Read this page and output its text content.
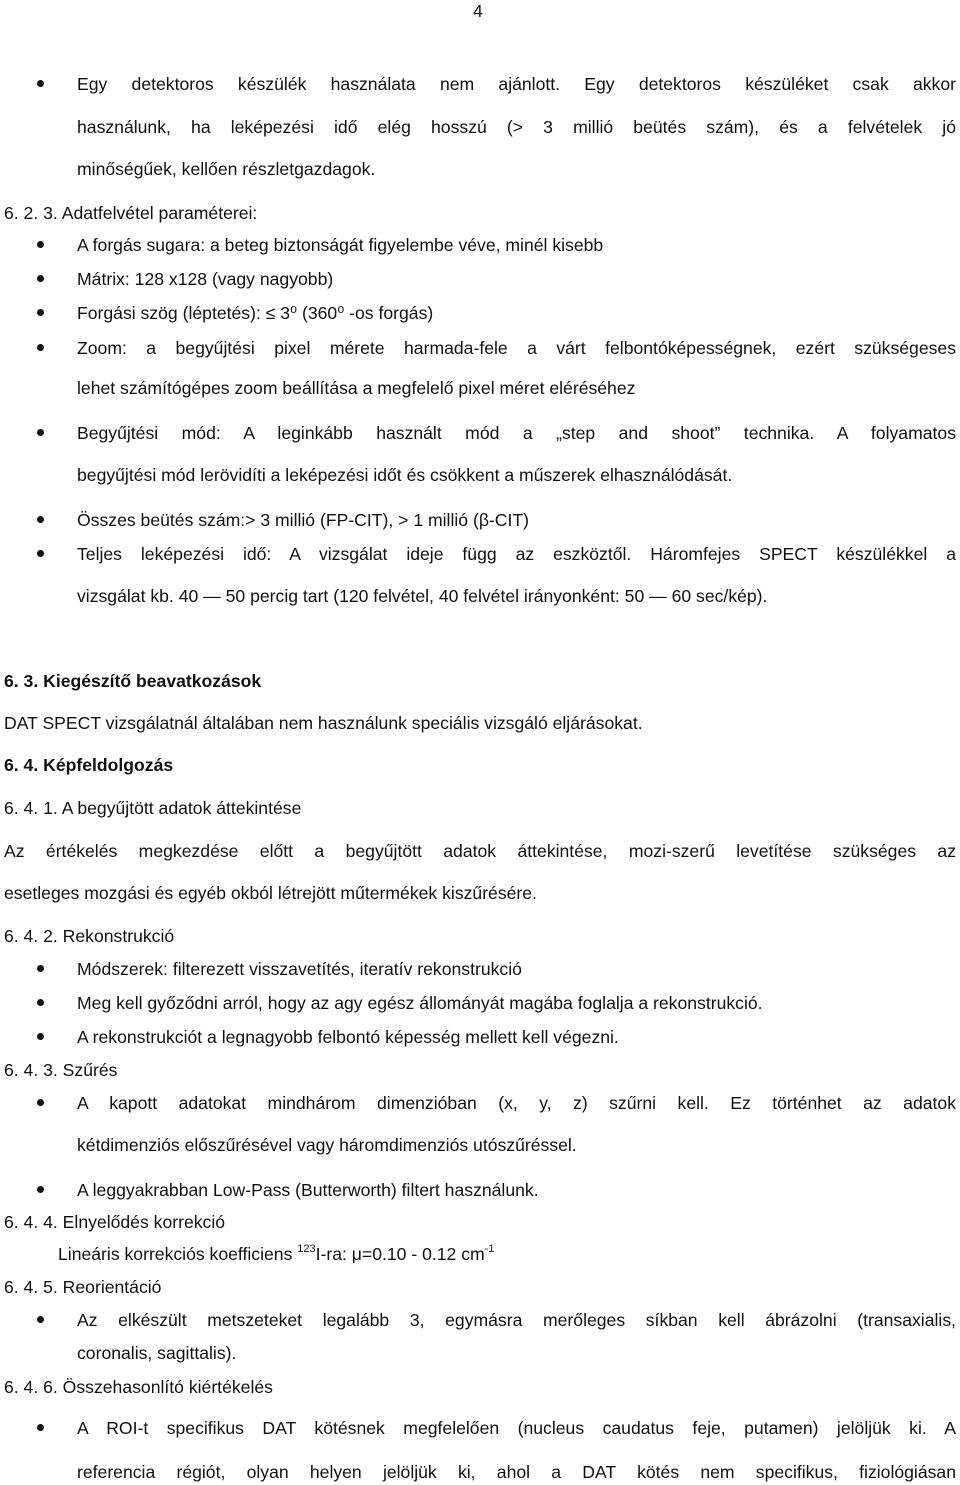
4
Egy detektoros készülék használata nem ajánlott. Egy detektoros készüléket csak akkor
használunk, ha leképezési idő elég hosszú (> 3 millió beütés szám), és a felvételek jó
minőségűek, kellően részletgazdagok.
6. 2. 3. Adatfelvétel paraméterei:
A forgás sugara: a beteg biztonságát figyelembe véve, minél kisebb
Mátrix: 128 x128 (vagy nagyobb)
Forgási szög (léptetés): ≤ 3⁰ (360⁰ -os forgás)
Zoom: a begyűjtési pixel mérete harmada-fele a várt felbontóképességnek, ezért szükségeses
lehet számítógépes zoom beállítása a megfelelő pixel méret eléréséhez
Begyűjtési mód: A leginkább használt mód a „step and shoot” technika. A folyamatos
begyűjtési mód lerövidíti a leképezési időt és csökkent a műszerek elhasználódását.
Összes beütés szám:> 3 millió (FP-CIT), > 1 millió (β-CIT)
Teljes leképezési idő: A vizsgálat ideje függ az eszköztől. Háromfejes SPECT készülékkel a
vizsgálat kb. 40 — 50 percig tart (120 felvétel, 40 felvétel irányonként: 50 — 60 sec/kép).
6. 3. Kiegészítő beavatkozások
DAT SPECT vizsgálatnál általában nem használunk speciális vizsgáló eljárásokat.
6. 4. Képfeldolgozás
6. 4. 1. A begyűjtött adatok áttekintése
Az értékelés megkezdése előtt a begyűjtött adatok áttekintése, mozi-szerű levetítése szükséges az
esetleges mozgási és egyéb okból létrejött műtermékek kiszűrésére.
6. 4. 2. Rekonstrukció
Módszerek: filterezett visszavetítés, iteratív rekonstrukció
Meg kell győződni arról, hogy az agy egész állományát magába foglalja a rekonstrukció.
A rekonstrukciót a legnagyobb felbontó képesség mellett kell végezni.
6. 4. 3. Szűrés
A kapott adatokat mindhárom dimenzióban (x, y, z) szűrni kell. Ez történhet az adatok
kétdimenziós előszűrésével vagy háromdimenziós utószűréssel.
A leggyakrabban Low-Pass (Butterworth) filtert használunk.
6. 4. 4. Elnyelődés korrekció
Lineáris korrekciós koefficiens $^{123}$I-ra: μ=0.10 - 0.12 $cm^{-1}$
6. 4. 5. Reorientáció
Az elkészült metszeteket legalább 3, egymásra merőleges síkban kell ábrázolni (transaxialis,
coronalis, sagittalis).
6. 4. 6. Összehasonlító kiértékelés
A ROI-t specifikus DAT kötésnek megfelelően (nucleus caudatus feje, putamen) jelöljük ki. A
referencia régiót, olyan helyen jelöljük ki, ahol a DAT kötés nem specifikus, fiziológiásan
